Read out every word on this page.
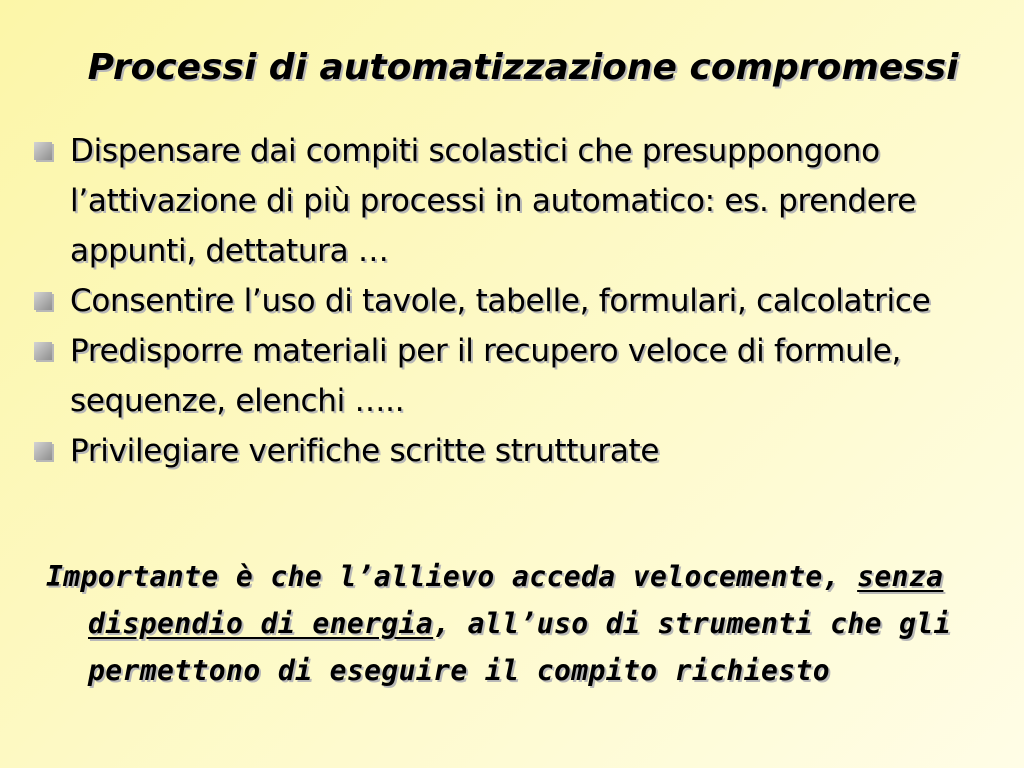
Processi di automatizzazione compromessi
Dispensare dai compiti scolastici che presuppongono l’attivazione di più processi in automatico: es. prendere appunti, dettatura …
Consentire l’uso di tavole, tabelle, formulari, calcolatrice
Predisporre materiali per il recupero veloce di formule, sequenze, elenchi …..
Privilegiare verifiche scritte strutturate

Importante è che l’allievo acceda velocemente, senza dispendio di energia, all’uso di strumenti che gli permettono di eseguire il compito richiesto
